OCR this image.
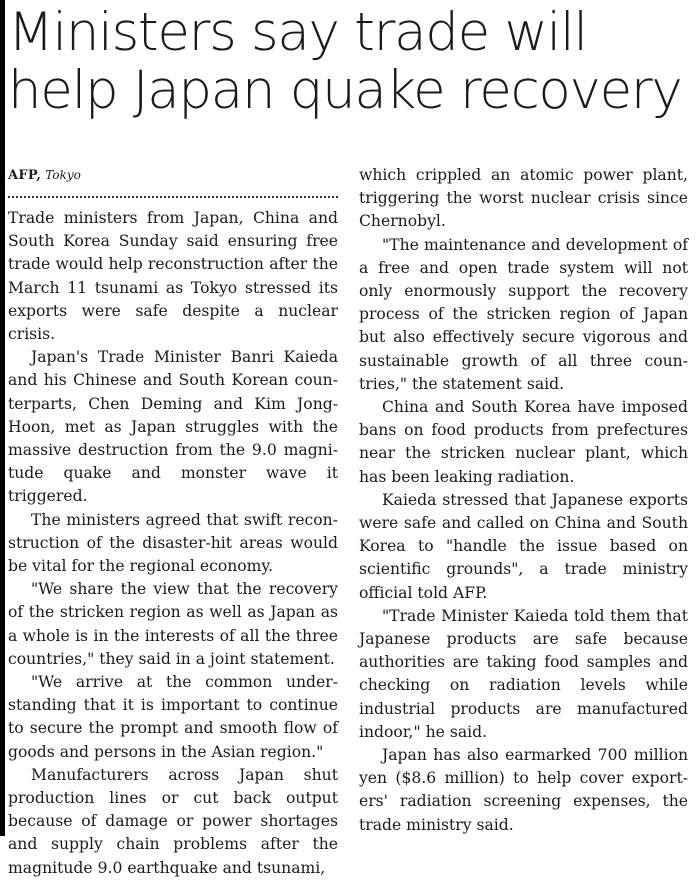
Ministers say trade will help Japan quake recovery
AFP, Tokyo

Trade ministers from Japan, China and South Korea Sunday said ensuring free trade would help reconstruction after the March 11 tsunami as Tokyo stressed its exports were safe despite a nuclear crisis.

Japan's Trade Minister Banri Kaieda and his Chinese and South Korean counterparts, Chen Deming and Kim Jong-Hoon, met as Japan struggles with the massive destruction from the 9.0 magnitude quake and monster wave it triggered.

The ministers agreed that swift reconstruction of the disaster-hit areas would be vital for the regional economy.

"We share the view that the recovery of the stricken region as well as Japan as a whole is in the interests of all the three countries," they said in a joint statement.

"We arrive at the common understanding that it is important to continue to secure the prompt and smooth flow of goods and persons in the Asian region."

Manufacturers across Japan shut production lines or cut back output because of damage or power shortages and supply chain problems after the magnitude 9.0 earthquake and tsunami,

which crippled an atomic power plant, triggering the worst nuclear crisis since Chernobyl.

"The maintenance and development of a free and open trade system will not only enormously support the recovery process of the stricken region of Japan but also effectively secure vigorous and sustainable growth of all three countries," the statement said.

China and South Korea have imposed bans on food products from prefectures near the stricken nuclear plant, which has been leaking radiation.

Kaieda stressed that Japanese exports were safe and called on China and South Korea to "handle the issue based on scientific grounds", a trade ministry official told AFP.

"Trade Minister Kaieda told them that Japanese products are safe because authorities are taking food samples and checking on radiation levels while industrial products are manufactured indoor," he said.

Japan has also earmarked 700 million yen ($8.6 million) to help cover exporters' radiation screening expenses, the trade ministry said.
